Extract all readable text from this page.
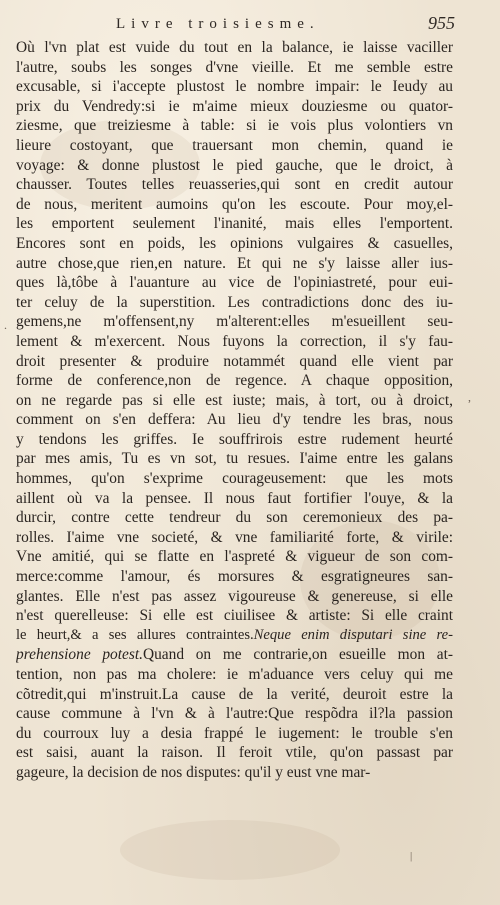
Livre troisiesme.	955
Où l'vn plat est vuide du tout en la balance, ie laisse vaciller
l'autre, soubs les songes d'vne vieille. Et me semble estre
excusable, si i'accepte plustost le nombre impair: le Ieudy au
prix du Vendredy:si ie m'aime mieux douziesme ou quator-
ziesme, que treiziesme à table: si ie vois plus volontiers vn
lieure costoyant, que trauersant mon chemin, quand ie
voyage: & donne plustost le pied gauche, que le droict, à
chausser. Toutes telles reuasseries,qui sont en credit autour
de nous, meritent aumoins qu'on les escoute. Pour moy,el-
les emportent seulement l'inanité, mais elles l'emportent.
Encores sont en poids, les opinions vulgaires & casuelles,
autre chose,que rien,en nature. Et qui ne s'y laisse aller ius-
ques là,tôbe à l'auanture au vice de l'opiniastreté, pour eui-
ter celuy de la superstition. Les contradictions donc des iu-
gemens,ne m'offensent,ny m'alterent:elles m'esueillent seu-
lement & m'exercent. Nous fuyons la correction, il s'y fau-
droit presenter & produire notammét quand elle vient par
forme de conference,non de regence. A chaque opposition,
on ne regarde pas si elle est iuste; mais, à tort, ou à droict,
comment on s'en deffera: Au lieu d'y tendre les bras, nous
y tendons les griffes. Ie souffrirois estre rudement heurté
par mes amis, Tu es vn sot, tu resues. I'aime entre les galans
hommes, qu'on s'exprime courageusement: que les mots
aillent où va la pensee. Il nous faut fortifier l'ouye, & la
durcir, contre cette tendreur du son ceremonieux des pa-
rolles. I'aime vne societé, & vne familiarité forte, & virile:
Vne amitié, qui se flatte en l'aspreté & vigueur de son com-
merce:comme l'amour, és morsures & esgratigneures san-
glantes. Elle n'est pas assez vigoureuse & genereuse, si elle
n'est querelleuse: Si elle est ciuilisee & artiste: Si elle craint
le heurt,& a ses allures contraintes.Neque enim disputari sine re-
prehensione potest.Quand on me contrarie,on esueille mon at-
tention, non pas ma cholere: ie m'aduance vers celuy qui me
cõtredit,qui m'instruit.La cause de la verité, deuroit estre la
cause commune à l'vn & à l'autre:Que respõdra il?la passion
du courroux luy a desia frappé le iugement: le trouble s'en
est saisi, auant la raison. Il feroit vtile, qu'on passast par
gageure, la decision de nos disputes: qu'il y eust vne mar-
.
,
|
